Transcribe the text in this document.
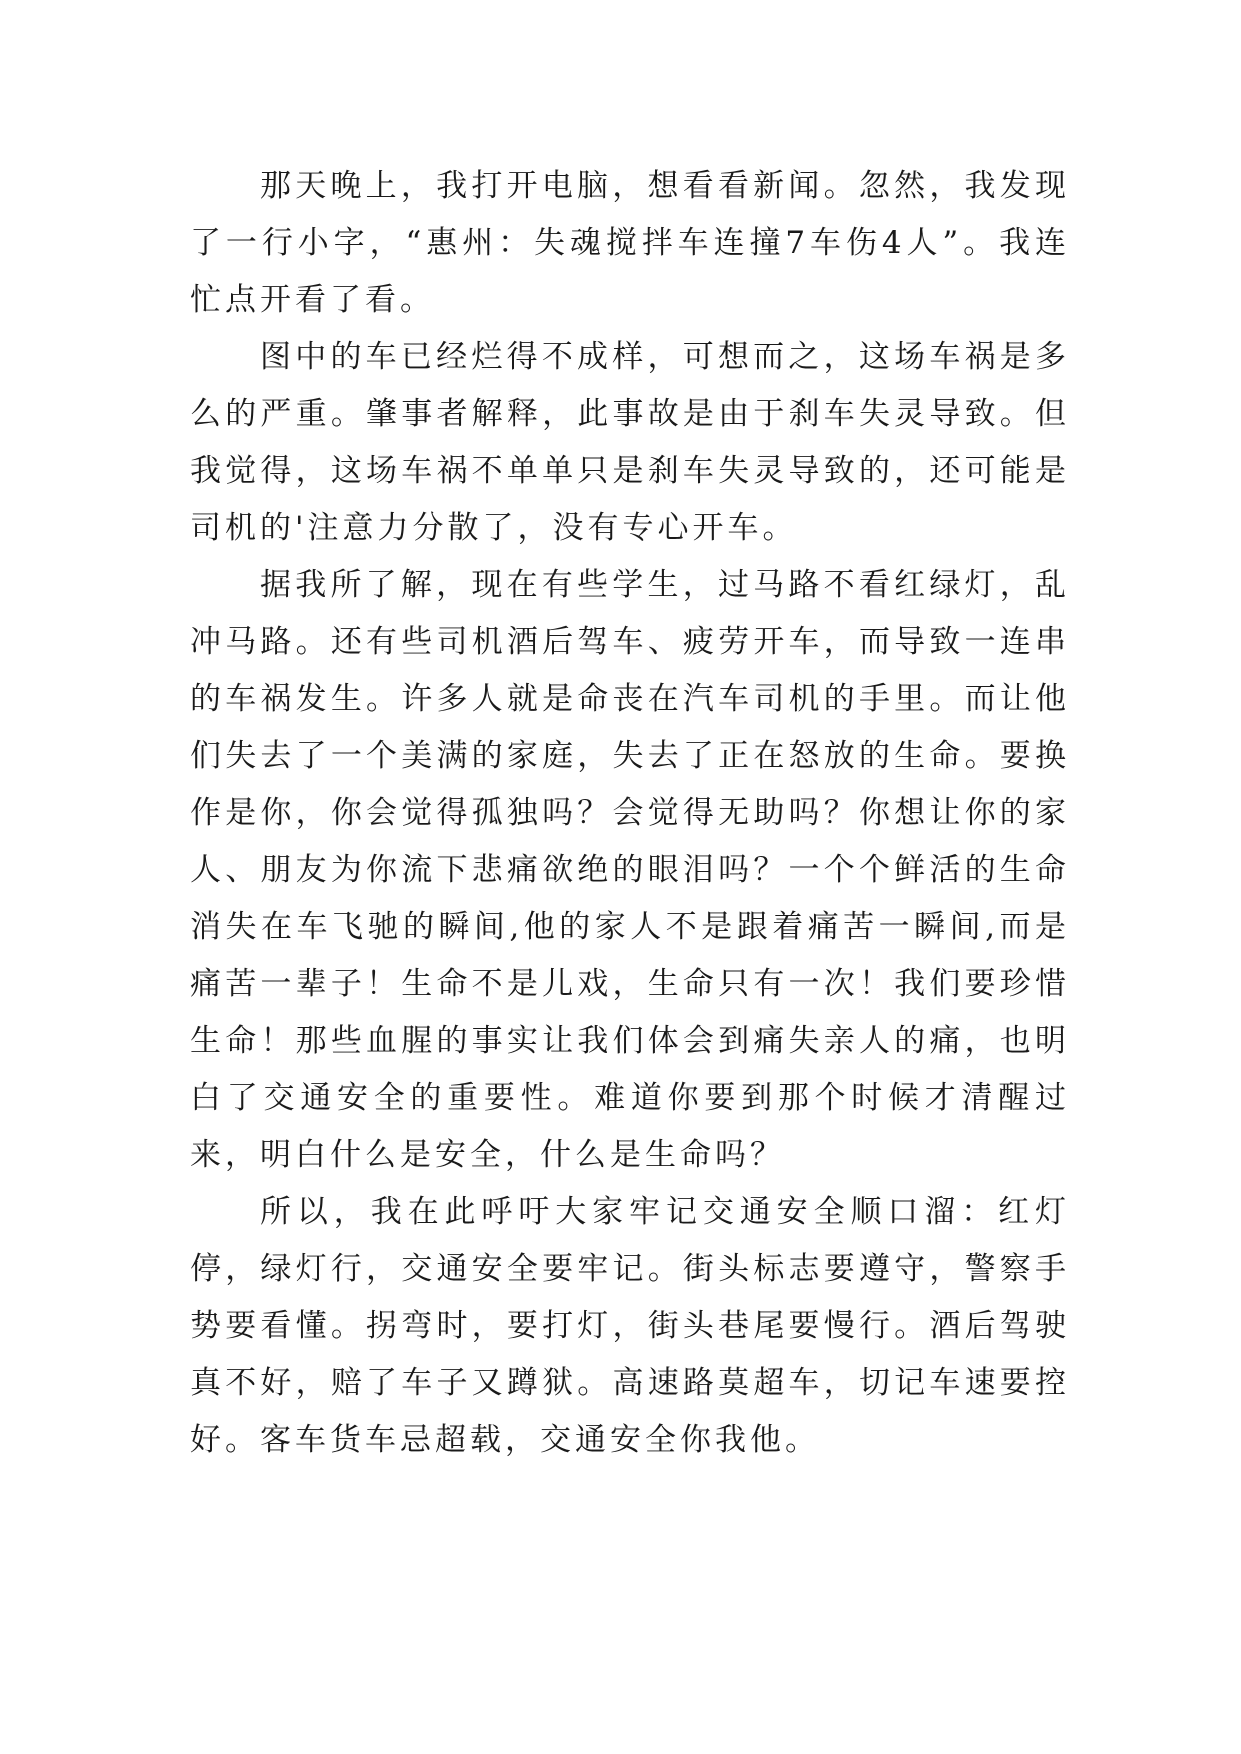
那天晚上，我打开电脑，想看看新闻。忽然，我发现了一行小字，“惠州：失魂搅拌车连撞7车伤4人”。我连忙点开看了看。

图中的车已经烂得不成样，可想而之，这场车祸是多么的严重。肇事者解释，此事故是由于刹车失灵导致。但我觉得，这场车祸不单单只是刹车失灵导致的，还可能是司机的'注意力分散了，没有专心开车。

据我所了解，现在有些学生，过马路不看红绿灯，乱冲马路。还有些司机酒后驾车、疲劳开车，而导致一连串的车祸发生。许多人就是命丧在汽车司机的手里。而让他们失去了一个美满的家庭，失去了正在怒放的生命。要换作是你，你会觉得孤独吗？会觉得无助吗？你想让你的家人、朋友为你流下悲痛欲绝的眼泪吗？一个个鲜活的生命消失在车飞驰的瞬间,他的家人不是跟着痛苦一瞬间,而是痛苦一辈子！生命不是儿戏，生命只有一次！我们要珍惜生命！那些血腥的事实让我们体会到痛失亲人的痛，也明白了交通安全的重要性。难道你要到那个时候才清醒过来，明白什么是安全，什么是生命吗？

所以，我在此呼吁大家牢记交通安全顺口溜：红灯停，绿灯行，交通安全要牢记。街头标志要遵守，警察手势要看懂。拐弯时，要打灯，街头巷尾要慢行。酒后驾驶真不好，赔了车子又蹲狱。高速路莫超车，切记车速要控好。客车货车忌超载，交通安全你我他。
